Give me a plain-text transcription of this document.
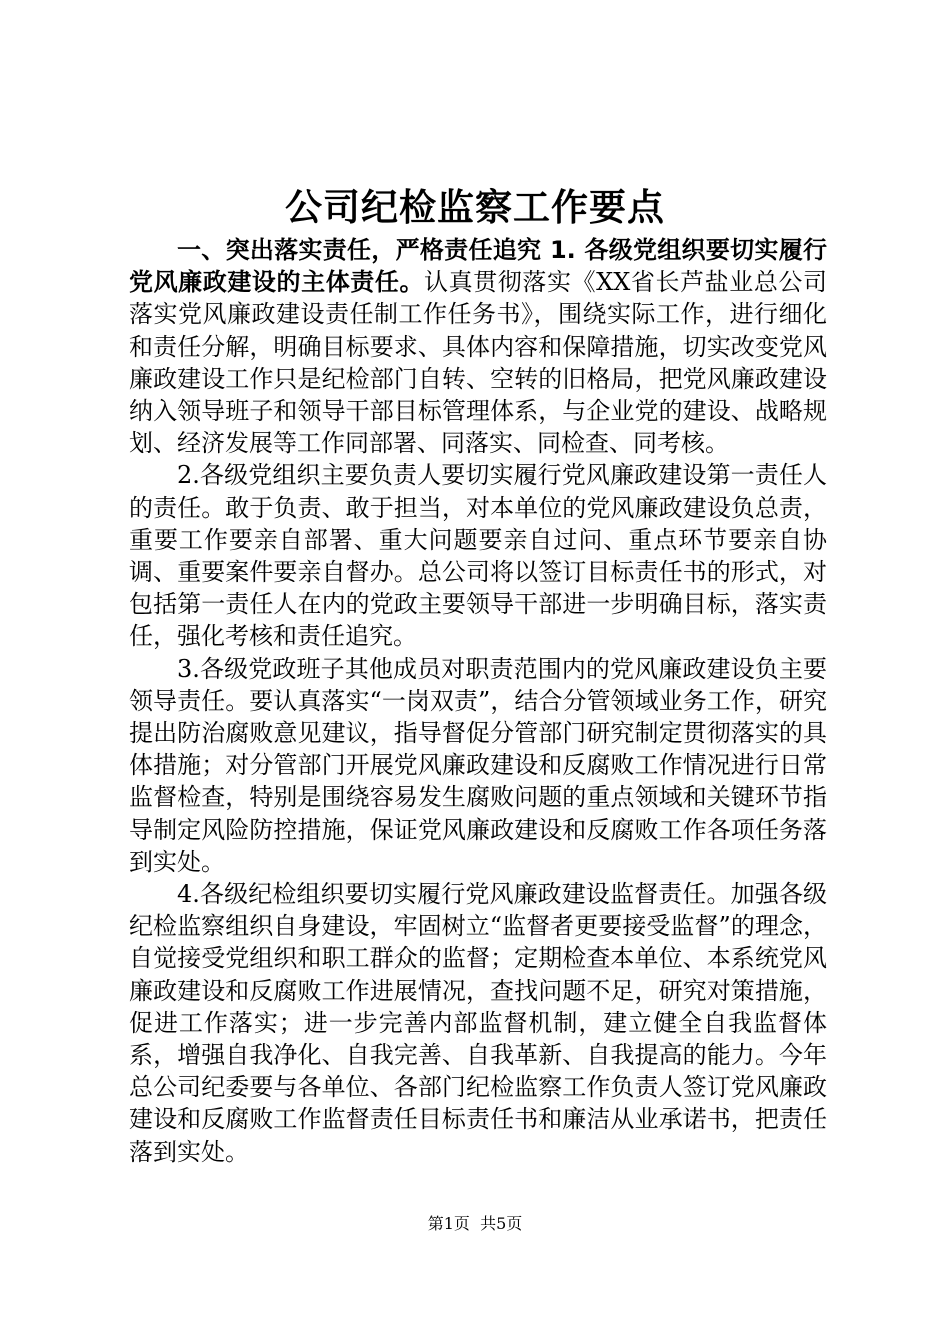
公司纪检监察工作要点

一、突出落实责任，严格责任追究 1. 各级党组织要切实履行党风廉政建设的主体责任。认真贯彻落实《XX省长芦盐业总公司落实党风廉政建设责任制工作任务书》，围绕实际工作，进行细化和责任分解，明确目标要求、具体内容和保障措施，切实改变党风廉政建设工作只是纪检部门自转、空转的旧格局，把党风廉政建设纳入领导班子和领导干部目标管理体系，与企业党的建设、战略规划、经济发展等工作同部署、同落实、同检查、同考核。

2.各级党组织主要负责人要切实履行党风廉政建设第一责任人的责任。敢于负责、敢于担当，对本单位的党风廉政建设负总责，重要工作要亲自部署、重大问题要亲自过问、重点环节要亲自协调、重要案件要亲自督办。总公司将以签订目标责任书的形式，对包括第一责任人在内的党政主要领导干部进一步明确目标，落实责任，强化考核和责任追究。

3.各级党政班子其他成员对职责范围内的党风廉政建设负主要领导责任。要认真落实“一岗双责”，结合分管领域业务工作，研究提出防治腐败意见建议，指导督促分管部门研究制定贯彻落实的具体措施；对分管部门开展党风廉政建设和反腐败工作情况进行日常监督检查，特别是围绕容易发生腐败问题的重点领域和关键环节指导制定风险防控措施，保证党风廉政建设和反腐败工作各项任务落到实处。

4.各级纪检组织要切实履行党风廉政建设监督责任。加强各级纪检监察组织自身建设，牢固树立“监督者更要接受监督”的理念，自觉接受党组织和职工群众的监督；定期检查本单位、本系统党风廉政建设和反腐败工作进展情况，查找问题不足，研究对策措施，促进工作落实；进一步完善内部监督机制，建立健全自我监督体系，增强自我净化、自我完善、自我革新、自我提高的能力。今年总公司纪委要与各单位、各部门纪检监察工作负责人签订党风廉政建设和反腐败工作监督责任目标责任书和廉洁从业承诺书，把责任落到实处。

第1页  共5页
